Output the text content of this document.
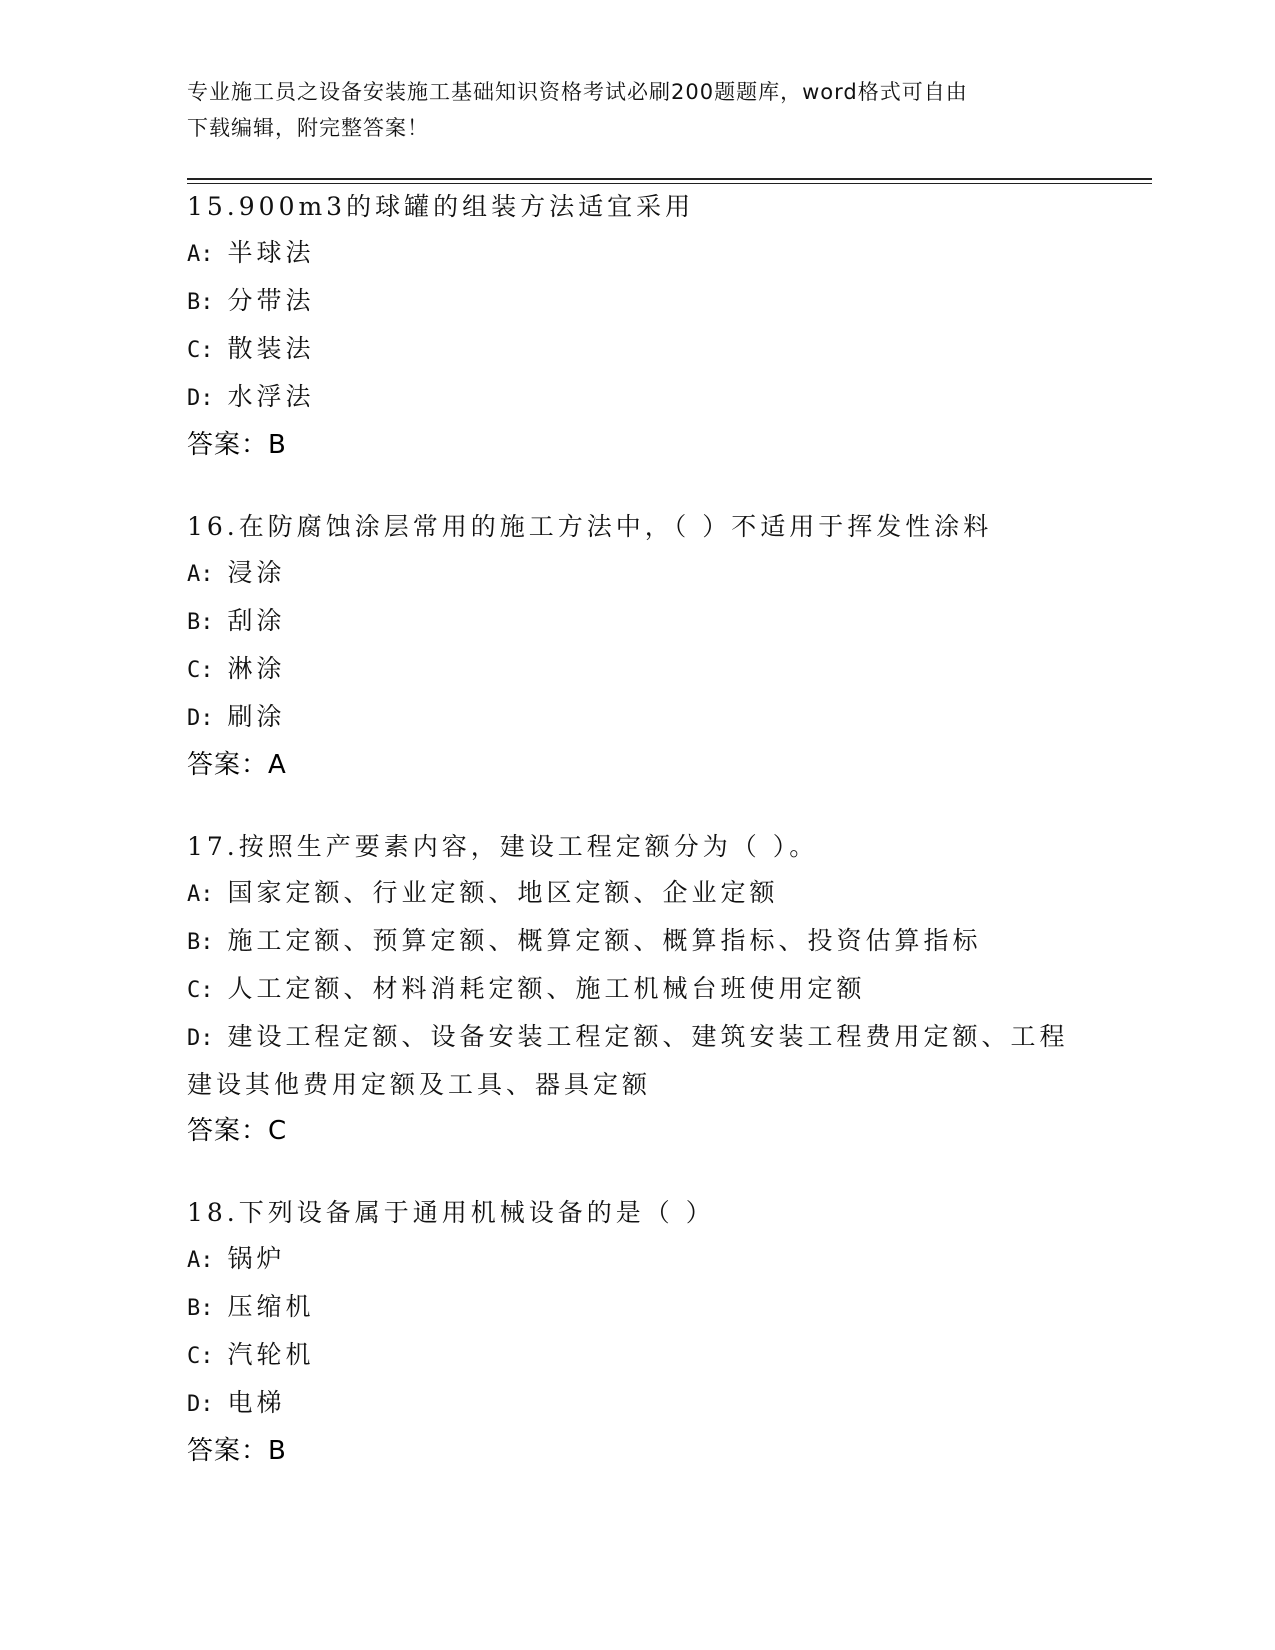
专业施工员之设备安装施工基础知识资格考试必刷200题题库，word格式可自由
下载编辑，附完整答案！
15.900m3的球罐的组装方法适宜采用
A: 半球法
B: 分带法
C: 散装法
D: 水浮法
答案：B
16.在防腐蚀涂层常用的施工方法中，（ ）不适用于挥发性涂料
A: 浸涂
B: 刮涂
C: 淋涂
D: 刷涂
答案：A
17.按照生产要素内容，建设工程定额分为（ ）。
A: 国家定额、行业定额、地区定额、企业定额
B: 施工定额、预算定额、概算定额、概算指标、投资估算指标
C: 人工定额、材料消耗定额、施工机械台班使用定额
D: 建设工程定额、设备安装工程定额、建筑安装工程费用定额、工程
建设其他费用定额及工具、器具定额
答案：C
18.下列设备属于通用机械设备的是（ ）
A: 锅炉
B: 压缩机
C: 汽轮机
D: 电梯
答案：B
